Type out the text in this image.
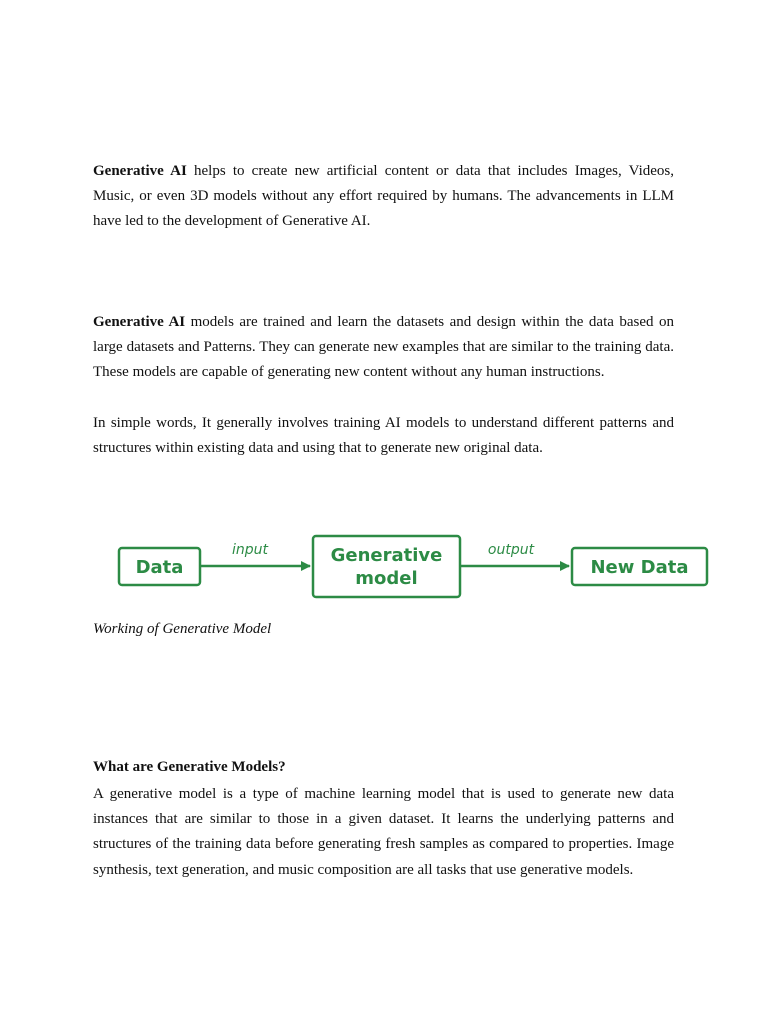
Generative AI helps to create new artificial content or data that includes Images, Videos, Music, or even 3D models without any effort required by humans. The advancements in LLM have led to the development of Generative AI.

Generative AI models are trained and learn the datasets and design within the data based on large datasets and Patterns. They can generate new examples that are similar to the training data. These models are capable of generating new content without any human instructions.

In simple words, It generally involves training AI models to understand different patterns and structures within existing data and using that to generate new original data.

Data
input	Generative
model
output
New Data

Working of Generative Model

What are Generative Models?

A generative model is a type of machine learning model that is used to generate new data instances that are similar to those in a given dataset. It learns the underlying patterns and structures of the training data before generating fresh samples as compared to properties. Image synthesis, text generation, and music composition are all tasks that use generative models.
